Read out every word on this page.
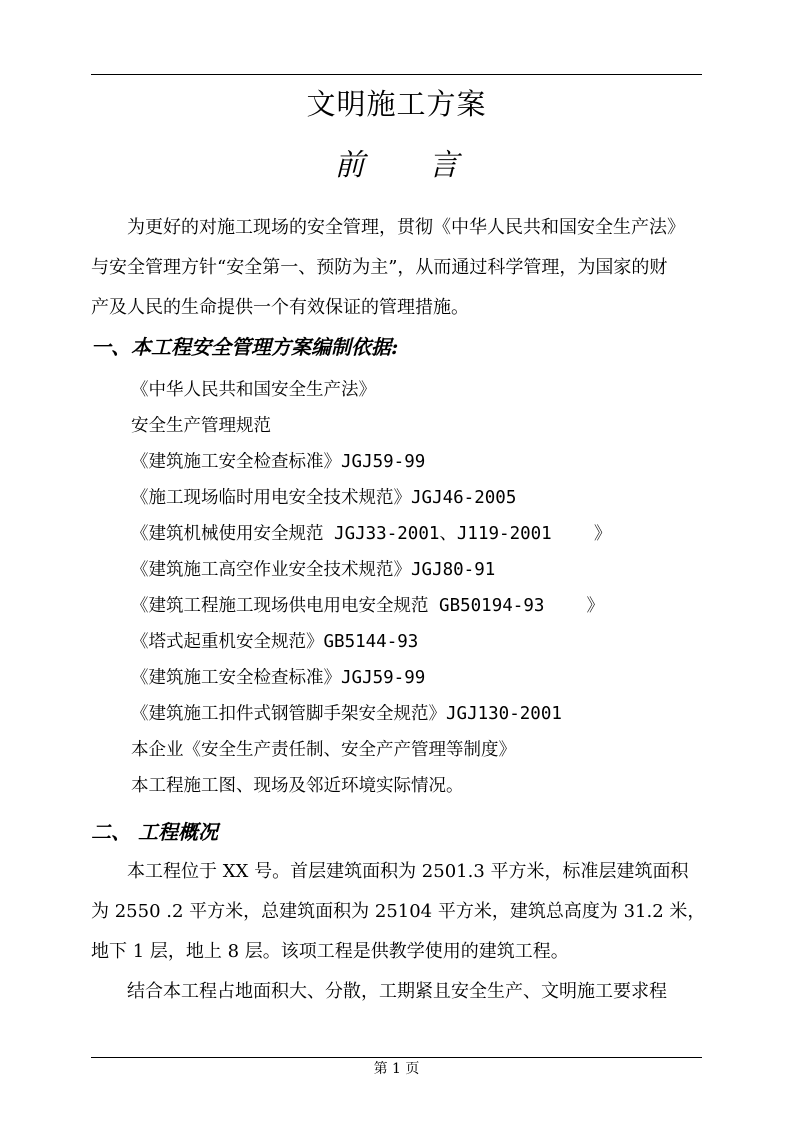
文明施工方案
前 言
为更好的对施工现场的安全管理，贯彻《中华人民共和国安全生产法》
与安全管理方针“安全第一、预防为主”，从而通过科学管理，为国家的财
产及人民的生命提供一个有效保证的管理措施。
一、本工程安全管理方案编制依据:
《中华人民共和国安全生产法》
安全生产管理规范
《建筑施工安全检查标准》JGJ59-99
《施工现场临时用电安全技术规范》JGJ46-2005
《建筑机械使用安全规范 JGJ33-2001、J119-2001    》
《建筑施工高空作业安全技术规范》JGJ80-91
《建筑工程施工现场供电用电安全规范 GB50194-93    》
《塔式起重机安全规范》GB5144-93
《建筑施工安全检查标准》JGJ59-99
《建筑施工扣件式钢管脚手架安全规范》JGJ130-2001
本企业《安全生产责任制、安全产产管理等制度》
本工程施工图、现场及邻近环境实际情况。
二、 工程概况
本工程位于 XX 号。首层建筑面积为 2501.3 平方米，标准层建筑面积
为 2550 .2 平方米，总建筑面积为 25104 平方米，建筑总高度为 31.2 米，
地下 1 层，地上 8 层。该项工程是供教学使用的建筑工程。
结合本工程占地面积大、分散，工期紧且安全生产、文明施工要求程
第 1 页
